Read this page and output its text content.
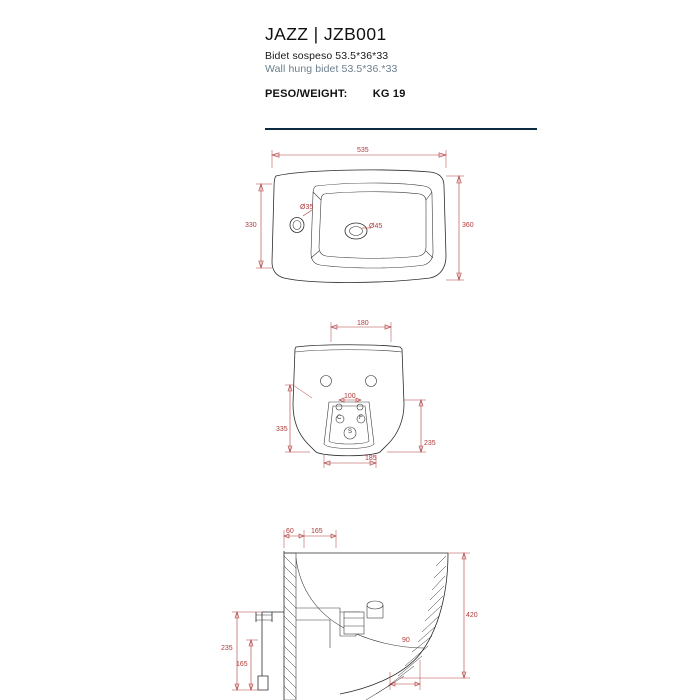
JAZZ | JZB001
Bidet sospeso 53.5*36*33
Wall hung bidet 53.5*36.*33
PESO/WEIGHT: KG 19
535
330	360
Ø35
Ø45
180
335
235
185
100
C	F
S
60 165
420
235
165
90
